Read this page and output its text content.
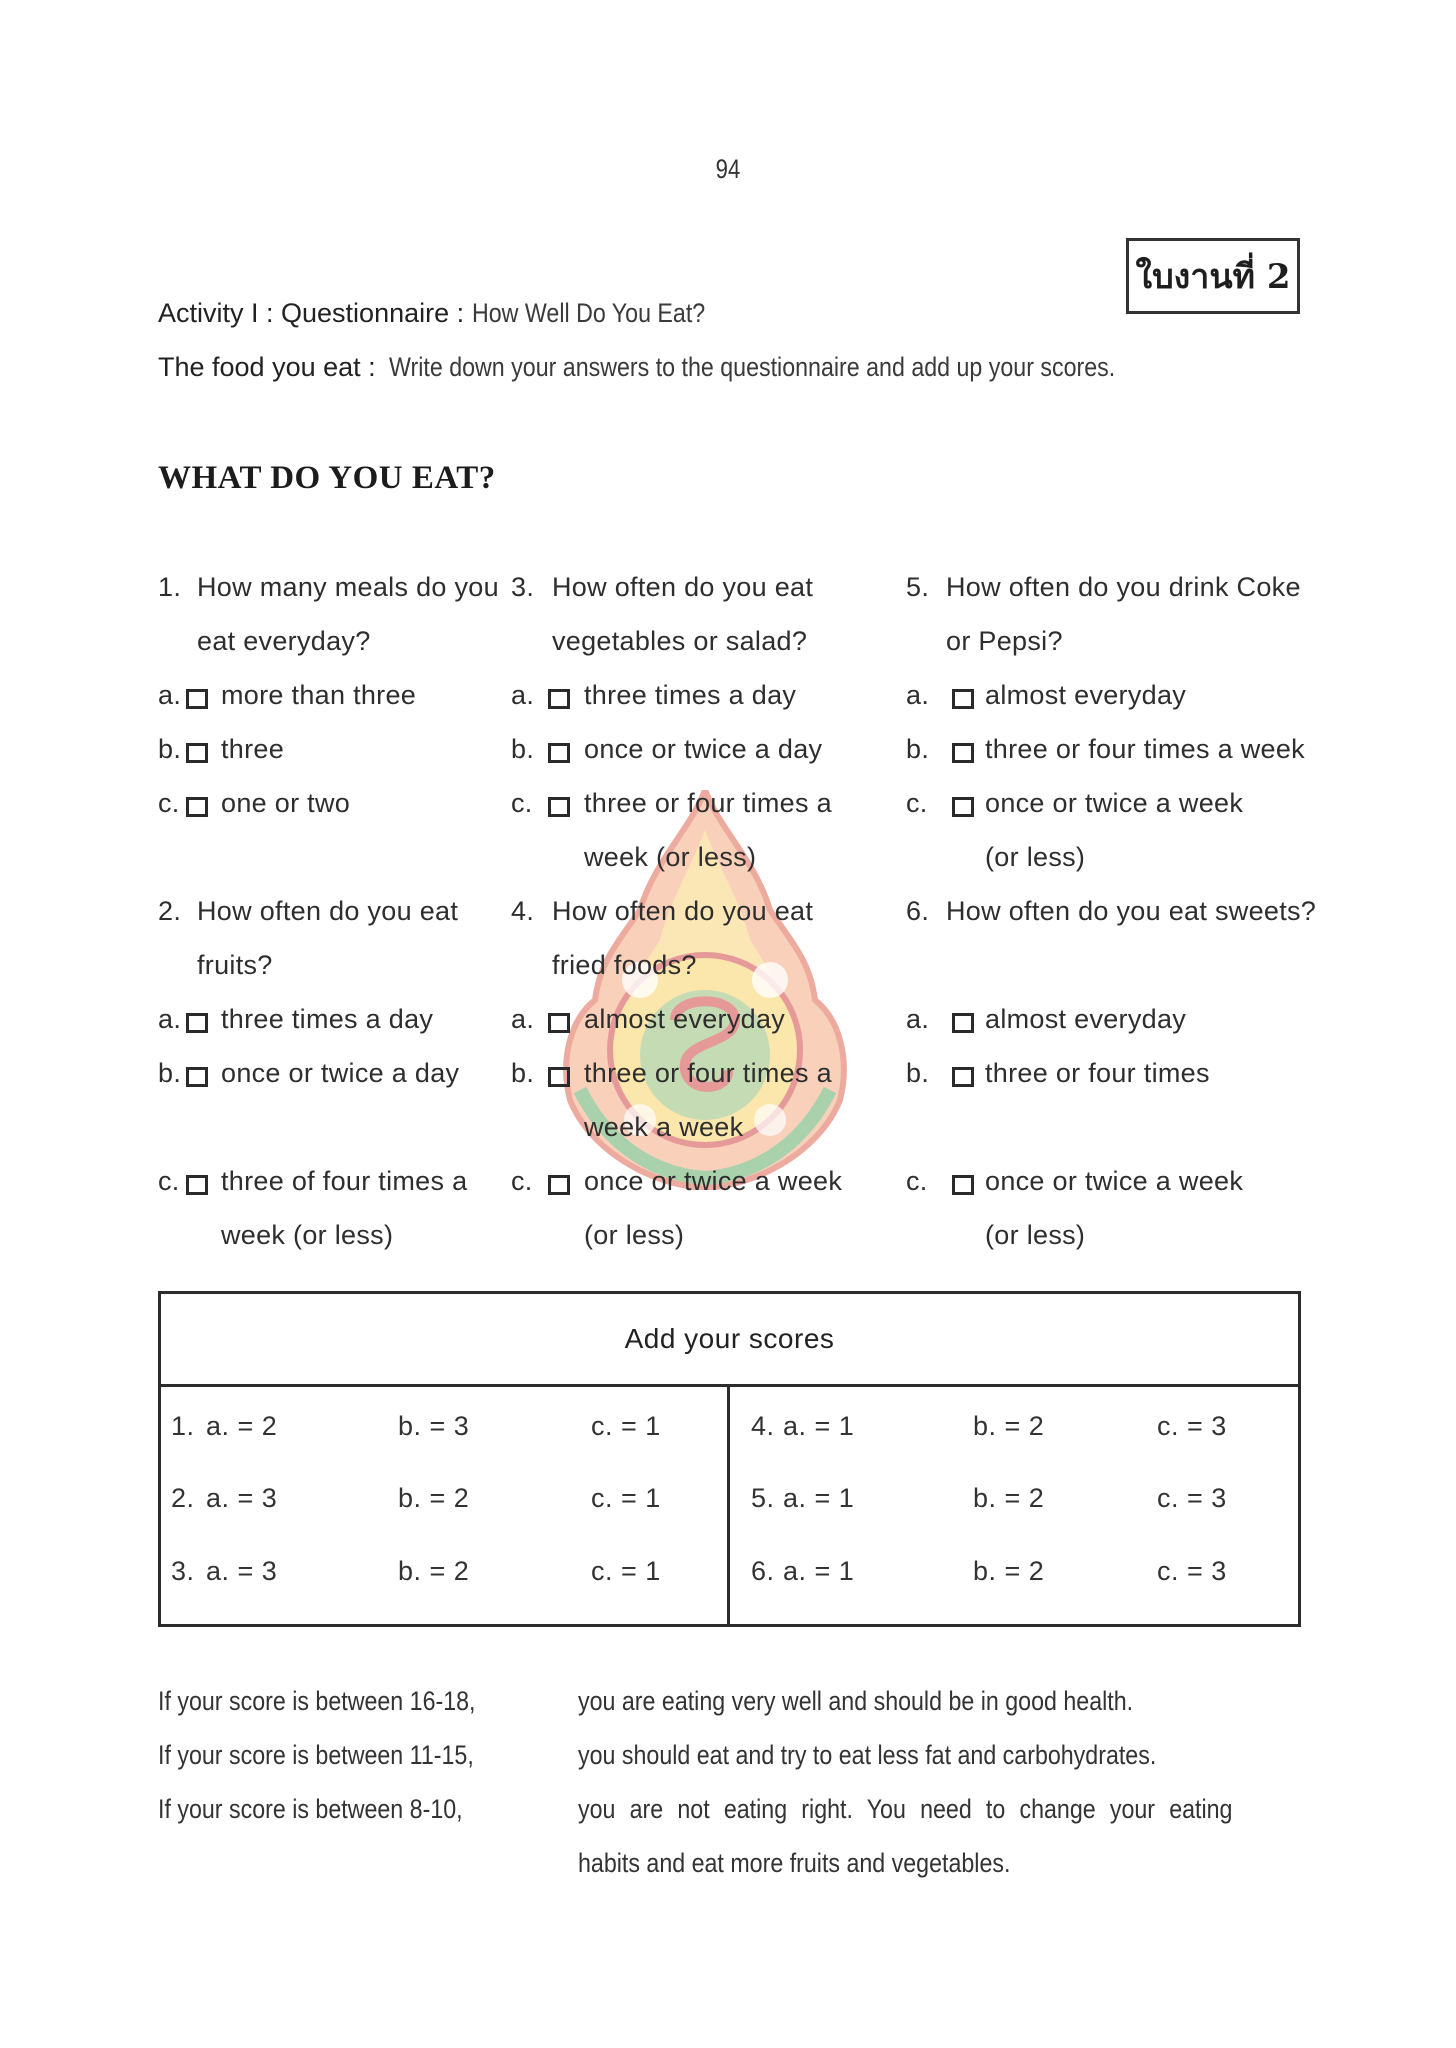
94
ใบงานที่ 2
Activity I : Questionnaire : How Well Do You Eat?
The food you eat : Write down your answers to the questionnaire and add up your scores.
WHAT DO YOU EAT?
1. How many meals do you
eat everyday?
a. more than three
b. three
c. one or two
2. How often do you eat
fruits?
a. three times a day
b. once or twice a day
c. three of four times a
week (or less)
3. How often do you eat
vegetables or salad?
a. three times a day
b. once or twice a day
c. three or four times a
week (or less)
4. How often do you eat
fried foods?
a. almost everyday
b. three or four times a
week a week
c. once or twice a week
(or less)
5. How often do you drink Coke
or Pepsi?
a. almost everyday
b. three or four times a week
c. once or twice a week
(or less)
6. How often do you eat sweets?
a. almost everyday
b. three or four times
c. once or twice a week
(or less)
Add your scores
1. a. = 2	b. = 3	c. = 1
2. a. = 3	b. = 2	c. = 1
3. a. = 3	b. = 2	c. = 1
4. a. = 1	b. = 2	c. = 3
5. a. = 1	b. = 2	c. = 3
6. a. = 1	b. = 2	c. = 3
If your score is between 16-18,	you are eating very well and should be in good health.
If your score is between 11-15,	you should eat and try to eat less fat and carbohydrates.
If your score is between 8-10,	you are not eating right. You need to change your eating
habits and eat more fruits and vegetables.
